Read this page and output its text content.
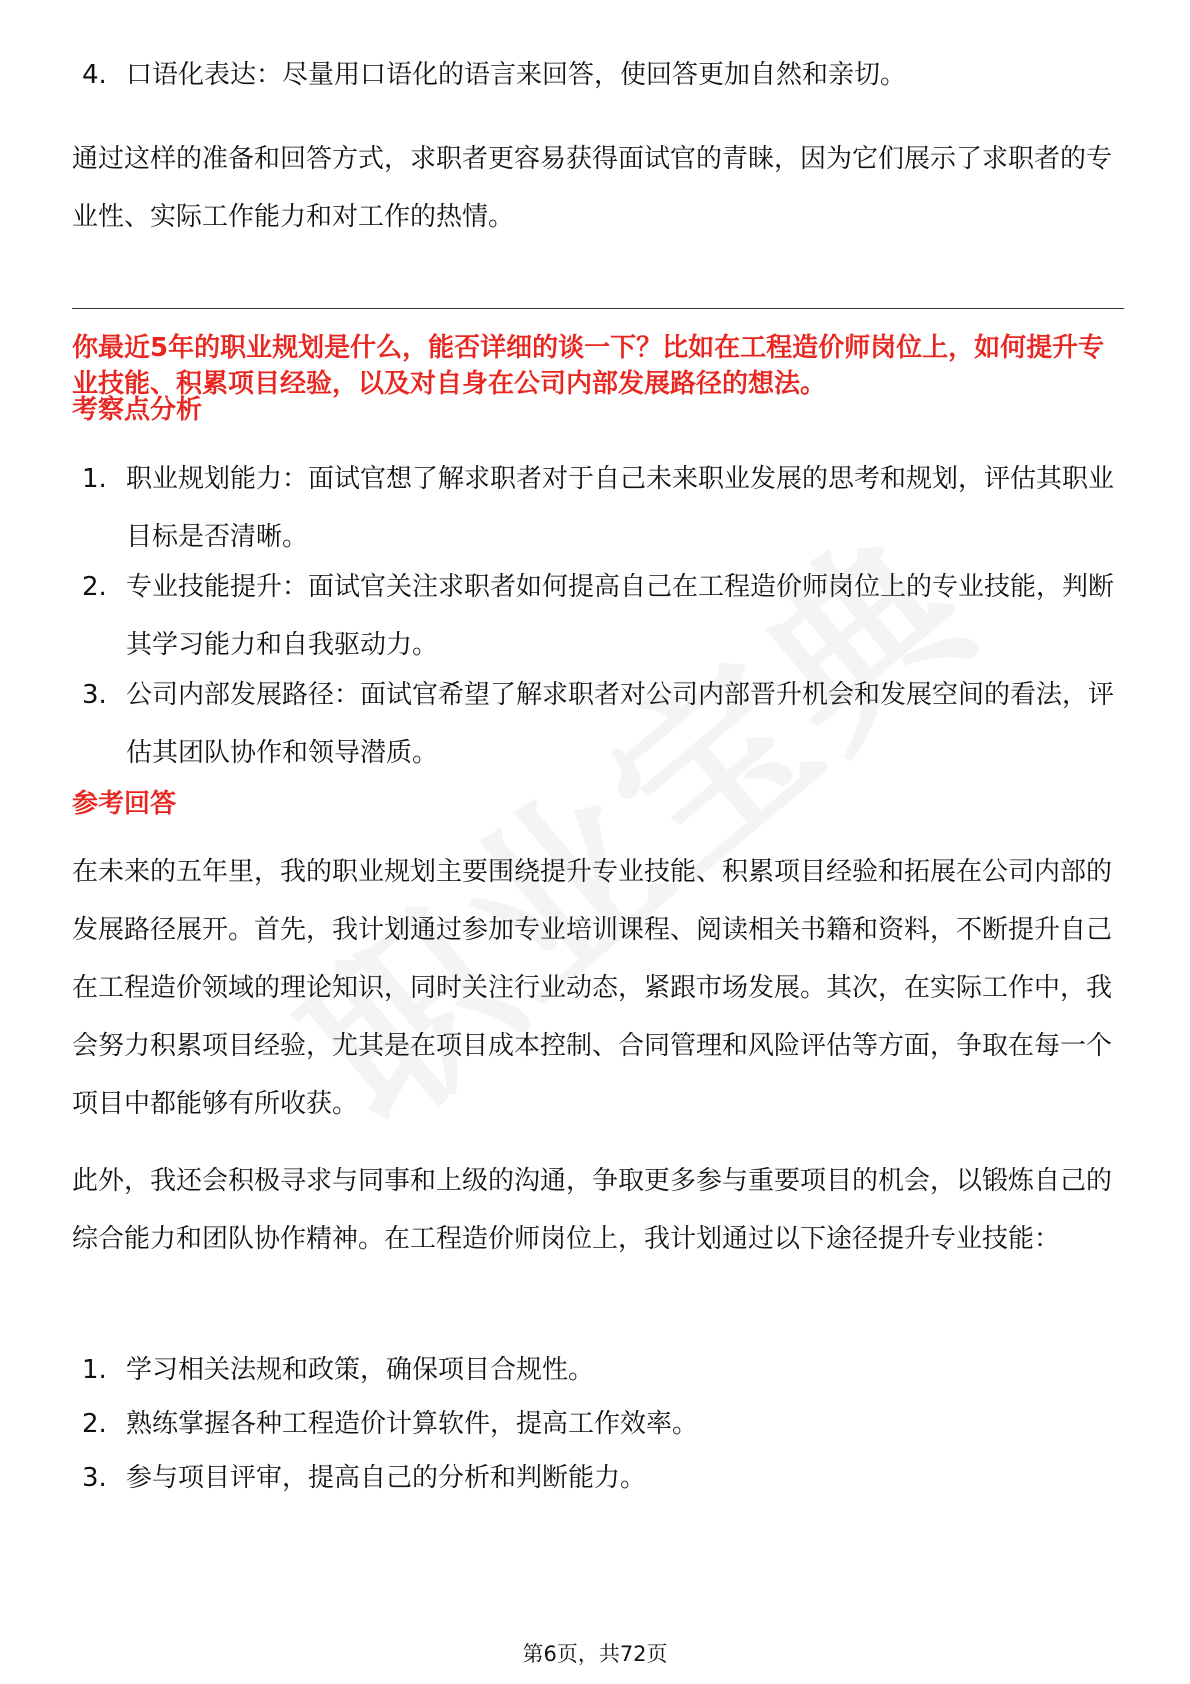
4. 口语化表达：尽量用口语化的语言来回答，使回答更加自然和亲切。

通过这样的准备和回答方式，求职者更容易获得面试官的青睐，因为它们展示了求职者的专业性、实际工作能力和对工作的热情。

你最近5年的职业规划是什么，能否详细的谈一下？比如在工程造价师岗位上，如何提升专业技能、积累项目经验，以及对自身在公司内部发展路径的想法。

考察点分析

1. 职业规划能力：面试官想了解求职者对于自己未来职业发展的思考和规划，评估其职业目标是否清晰。
2. 专业技能提升：面试官关注求职者如何提高自己在工程造价师岗位上的专业技能，判断其学习能力和自我驱动力。
3. 公司内部发展路径：面试官希望了解求职者对公司内部晋升机会和发展空间的看法，评估其团队协作和领导潜质。

参考回答

在未来的五年里，我的职业规划主要围绕提升专业技能、积累项目经验和拓展在公司内部的发展路径展开。首先，我计划通过参加专业培训课程、阅读相关书籍和资料，不断提升自己在工程造价领域的理论知识，同时关注行业动态，紧跟市场发展。其次，在实际工作中，我会努力积累项目经验，尤其是在项目成本控制、合同管理和风险评估等方面，争取在每一个项目中都能够有所收获。

此外，我还会积极寻求与同事和上级的沟通，争取更多参与重要项目的机会，以锻炼自己的综合能力和团队协作精神。在工程造价师岗位上，我计划通过以下途径提升专业技能：

1. 学习相关法规和政策，确保项目合规性。
2. 熟练掌握各种工程造价计算软件，提高工作效率。
3. 参与项目评审，提高自己的分析和判断能力。
第6页，共72页
